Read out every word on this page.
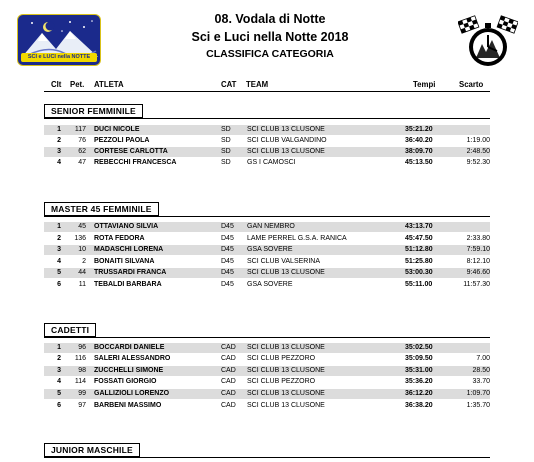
SCI e LUCI nella NOTTE
08. Vodala di Notte
Sci e Luci nella Notte 2018
CLASSIFICA CATEGORIA
Clt Pet. ATLETA	CAT TEAM	Tempi	Scarto
SENIOR FEMMINILE
1	117 DUCI NICOLE	SD SCI CLUB 13 CLUSONE	35:21.20
2	76 PEZZOLI PAOLA	SD SCI CLUB VALGANDINO	36:40.20	1:19.00
3	62 CORTESE CARLOTTA	SD SCI CLUB 13 CLUSONE	38:09.70	2:48.50
4	47 REBECCHI FRANCESCA	SD GS I CAMOSCI	45:13.50	9:52.30
MASTER 45 FEMMINILE
1	45 OTTAVIANO SILVIA	D45 GAN NEMBRO	43:13.70
2	136 ROTA FEDORA	D45 LAME PERREL G.S.A. RANICA	45:47.50	2:33.80
3	10 MADASCHI LORENA	D45 GSA SOVERE	51:12.80	7:59.10
4	2 BONAITI SILVANA	D45 SCI CLUB VALSERINA	51:25.80	8:12.10
5	44 TRUSSARDI FRANCA	D45 SCI CLUB 13 CLUSONE	53:00.30	9:46.60
6	11 TEBALDI BARBARA	D45 GSA SOVERE	55:11.00	11:57.30
CADETTI
1	96 BOCCARDI DANIELE	CAD SCI CLUB 13 CLUSONE	35:02.50
2	116 SALERI ALESSANDRO	CAD SCI CLUB PEZZORO	35:09.50	7.00
3	98 ZUCCHELLI SIMONE	CAD SCI CLUB 13 CLUSONE	35:31.00	28.50
4	114 FOSSATI GIORGIO	CAD SCI CLUB PEZZORO	35:36.20	33.70
5	99 GALLIZIOLI LORENZO	CAD SCI CLUB 13 CLUSONE	36:12.20	1:09.70
6	97 BARBENI MASSIMO	CAD SCI CLUB 13 CLUSONE	36:38.20	1:35.70
JUNIOR MASCHILE
